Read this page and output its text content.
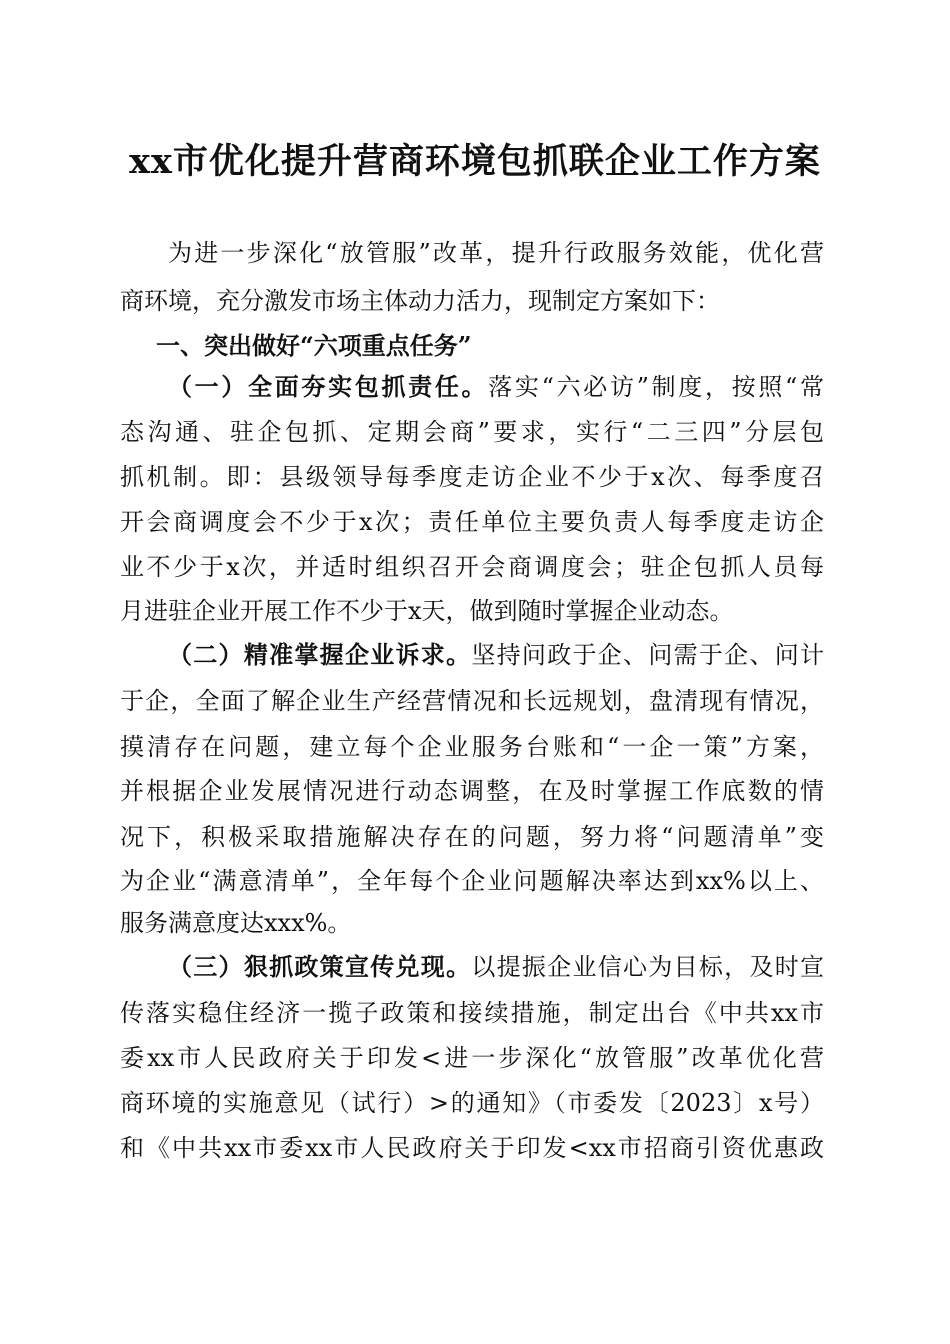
xx市优化提升营商环境包抓联企业工作方案
为进一步深化“放管服”改革，提升行政服务效能，优化营
商环境，充分激发市场主体动力活力，现制定方案如下：
一、突出做好“六项重点任务”
（一）全面夯实包抓责任。落实“六必访”制度，按照“常
态沟通、驻企包抓、定期会商”要求，实行“二三四”分层包
抓机制。即：县级领导每季度走访企业不少于x次、每季度召
开会商调度会不少于x次；责任单位主要负责人每季度走访企
业不少于x次，并适时组织召开会商调度会；驻企包抓人员每
月进驻企业开展工作不少于x天，做到随时掌握企业动态。
（二）精准掌握企业诉求。坚持问政于企、问需于企、问计
于企，全面了解企业生产经营情况和长远规划，盘清现有情况，
摸清存在问题，建立每个企业服务台账和“一企一策”方案，
并根据企业发展情况进行动态调整，在及时掌握工作底数的情
况下，积极采取措施解决存在的问题，努力将“问题清单”变
为企业“满意清单”，全年每个企业问题解决率达到xx%以上、
服务满意度达xxx%。
（三）狠抓政策宣传兑现。以提振企业信心为目标，及时宣
传落实稳住经济一揽子政策和接续措施，制定出台《中共xx市
委xx市人民政府关于印发<进一步深化“放管服”改革优化营
商环境的实施意见（试行）>的通知》（市委发〔2023〕x号）
和《中共xx市委xx市人民政府关于印发<xx市招商引资优惠政
